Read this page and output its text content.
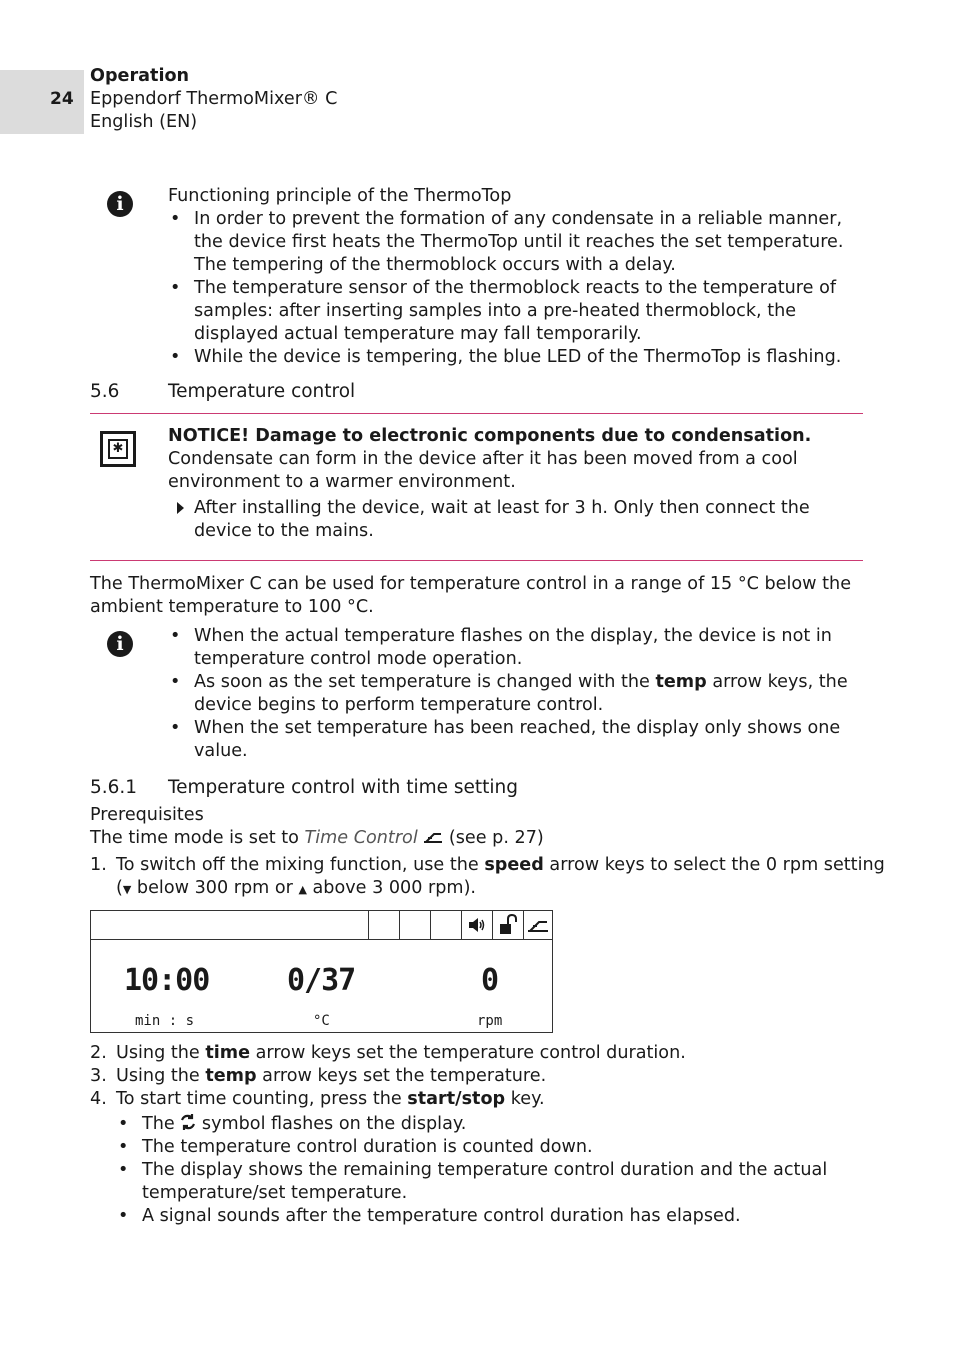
24
Operation
Eppendorf ThermoMixer® C
English (EN)
i	Functioning principle of the ThermoTop
• In order to prevent the formation of any condensate in a reliable manner, the device first heats the ThermoTop until it reaches the set temperature. The tempering of the thermoblock occurs with a delay.
• The temperature sensor of the thermoblock reacts to the temperature of samples: after inserting samples into a pre-heated thermoblock, the displayed actual temperature may fall temporarily.
• While the device is tempering, the blue LED of the ThermoTop is flashing.
5.6	Temperature control
✱
NOTICE! Damage to electronic components due to condensation.
Condensate can form in the device after it has been moved from a cool environment to a warmer environment.
After installing the device, wait at least for 3 h. Only then connect the device to the mains.
The ThermoMixer C can be used for temperature control in a range of 15 °C below the ambient temperature to 100 °C.
i
•	When the actual temperature flashes on the display, the device is not in temperature control mode operation.
• As soon as the set temperature is changed with the temp arrow keys, the device begins to perform temperature control.
• When the set temperature has been reached, the display only shows one value.
5.6.1 Temperature control with time setting
Prerequisites
The time mode is set to Time Control  (see p. 27)
1. To switch off the mixing function, use the speed arrow keys to select the 0 rpm setting
(▼ below 300 rpm or ▲ above 3 000 rpm).
10:00
min : s
0/37
°C
0
rpm
2. Using the time arrow keys set the temperature control duration.
3. Using the temp arrow keys set the temperature.
4. To start time counting, press the start/stop key.
• The  symbol flashes on the display.
• The temperature control duration is counted down.
• The display shows the remaining temperature control duration and the actual temperature/set temperature.
• A signal sounds after the temperature control duration has elapsed.
